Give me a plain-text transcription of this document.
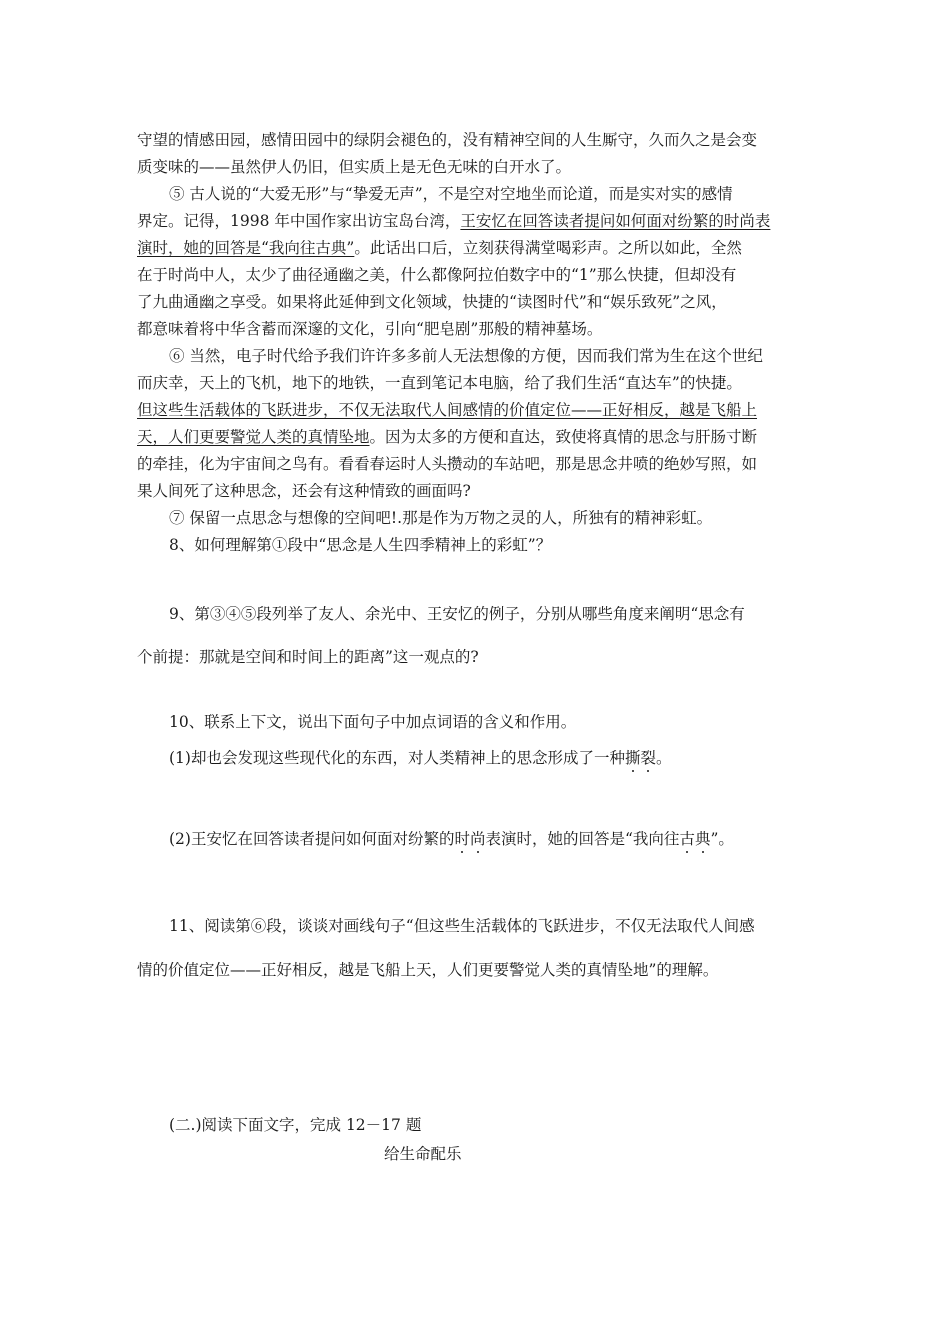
守望的情感田园，感情田园中的绿阴会褪色的，没有精神空间的人生厮守，久而久之是会变
质变味的——虽然伊人仍旧，但实质上是无色无味的白开水了。
⑤ 古人说的“大爱无形”与“挚爱无声”，不是空对空地坐而论道，而是实对实的感情
界定。记得，1998 年中国作家出访宝岛台湾，王安忆在回答读者提问如何面对纷繁的时尚表
演时，她的回答是“我向往古典”。此话出口后，立刻获得满堂喝彩声。之所以如此，全然
在于时尚中人，太少了曲径通幽之美，什么都像阿拉伯数字中的“1”那么快捷，但却没有
了九曲通幽之享受。如果将此延伸到文化领域，快捷的“读图时代”和“娱乐致死”之风，
都意味着将中华含蓄而深邃的文化，引向“肥皂剧”那般的精神墓场。
⑥ 当然，电子时代给予我们许许多多前人无法想像的方便，因而我们常为生在这个世纪
而庆幸，天上的飞机，地下的地铁，一直到笔记本电脑，给了我们生活“直达车”的快捷。
但这些生活载体的飞跃进步，不仅无法取代人间感情的价值定位——正好相反，越是飞船上
天，人们更要警觉人类的真情坠地。因为太多的方便和直达，致使将真情的思念与肝肠寸断
的牵挂，化为宇宙间之鸟有。看看春运时人头攒动的车站吧，那是思念井喷的绝妙写照，如
果人间死了这种思念，还会有这种情致的画面吗?
⑦ 保留一点思念与想像的空间吧!.那是作为万物之灵的人，所独有的精神彩虹。
8、如何理解第①段中“思念是人生四季精神上的彩虹”？
9、第③④⑤段列举了友人、余光中、王安忆的例子，分别从哪些角度来阐明“思念有
个前提：那就是空间和时间上的距离”这一观点的?
10、联系上下文，说出下面句子中加点词语的含义和作用。
(1)却也会发现这些现代化的东西，对人类精神上的思念形成了一种撕裂。
(2)王安忆在回答读者提问如何面对纷繁的时尚表演时，她的回答是“我向往古典”。
11、阅读第⑥段，谈谈对画线句子“但这些生活载体的飞跃进步，不仅无法取代人间感
情的价值定位——正好相反，越是飞船上天，人们更要警觉人类的真情坠地”的理解。
(二.)阅读下面文字，完成 12－17 题
给生命配乐
